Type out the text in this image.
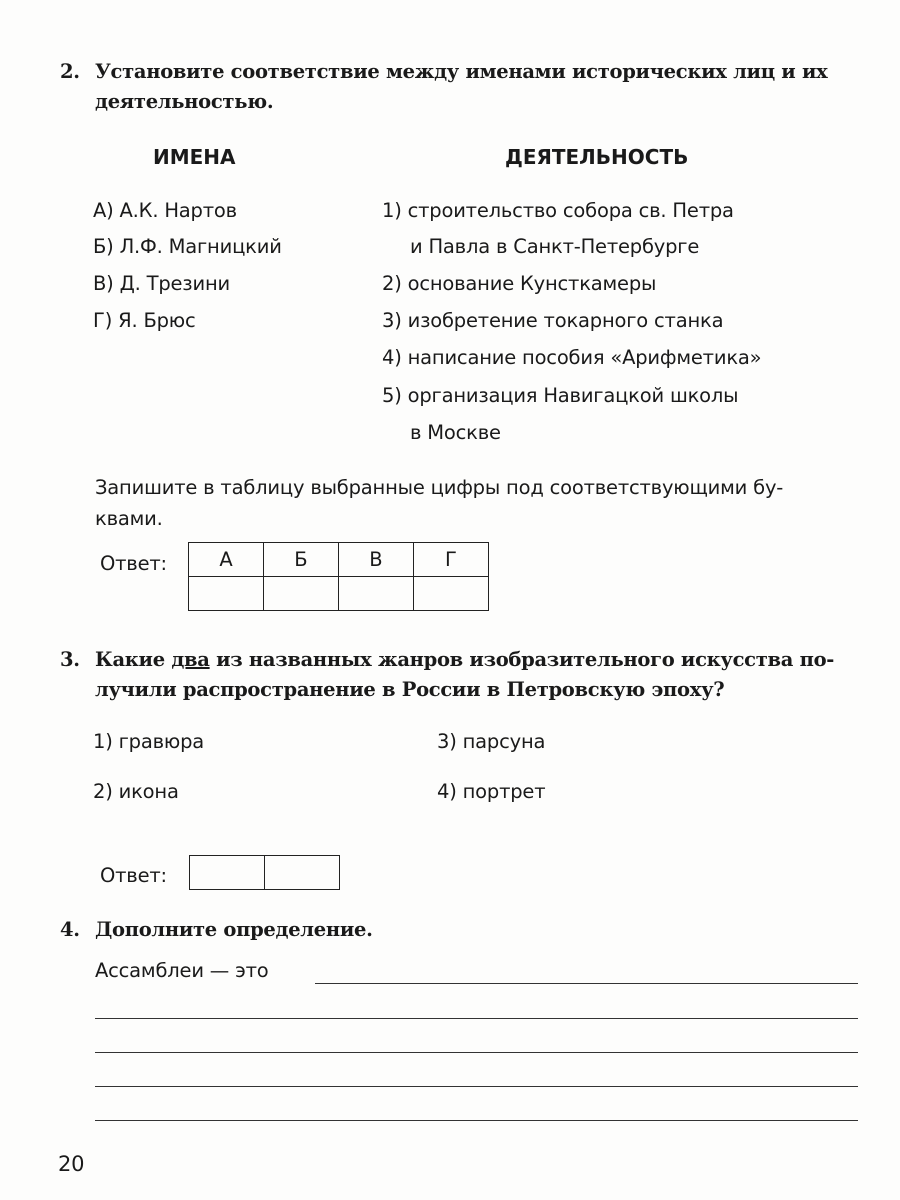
2. Установите соответствие между именами исторических лиц и их
деятельностью.
ИМЕНА	ДЕЯТЕЛЬНОСТЬ
А) А.К. Нартов
Б) Л.Ф. Магницкий
В) Д. Трезини
Г) Я. Брюс
1) строительство собора св. Петра
и Павла в Санкт-Петербурге
2) основание Кунсткамеры
3) изобретение токарного станка
4) написание пособия «Арифметика»
5) организация Навигацкой школы
в Москве
Запишите в таблицу выбранные цифры под соответствующими бу-
квами.
Ответ:	А	Б	В	Г

3. Какие два из названных жанров изобразительного искусства по-
лучили распространение в России в Петровскую эпоху?
1) гравюра
2) икона
3) парсуна
4) портрет
Ответ:

4. Дополните определение.
Ассамблеи — это
20
